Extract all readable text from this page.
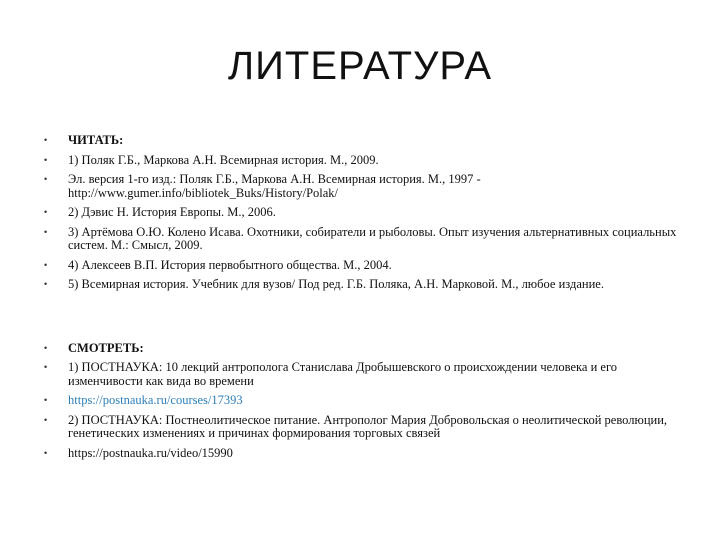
ЛИТЕРАТУРА
• ЧИТАТЬ:
• 1) Поляк Г.Б., Маркова А.Н. Всемирная история. М., 2009.
• Эл. версия 1-го изд.: Поляк Г.Б., Маркова А.Н. Всемирная история. М., 1997 - http://www.gumer.info/bibliotek_Buks/History/Polak/
• 2) Дэвис Н. История Европы. М., 2006.
• 3) Артёмова О.Ю. Колено Исава. Охотники, собиратели и рыболовы. Опыт изучения альтернативных социальных систем. М.: Смысл, 2009.
• 4) Алексеев В.П. История первобытного общества. М., 2004.
• 5) Всемирная история. Учебник для вузов/ Под ред. Г.Б. Поляка, А.Н. Марковой. М., любое издание.
• СМОТРЕТЬ:
• 1) ПОСТНАУКА: 10 лекций антрополога Станислава Дробышевского о происхождении человека и его изменчивости как вида во времени
• https://postnauka.ru/courses/17393
• 2) ПОСТНАУКА: Постнеолитическое питание. Антрополог Мария Добровольская о неолитической революции, генетических изменениях и причинах формирования торговых связей
• https://postnauka.ru/video/15990
